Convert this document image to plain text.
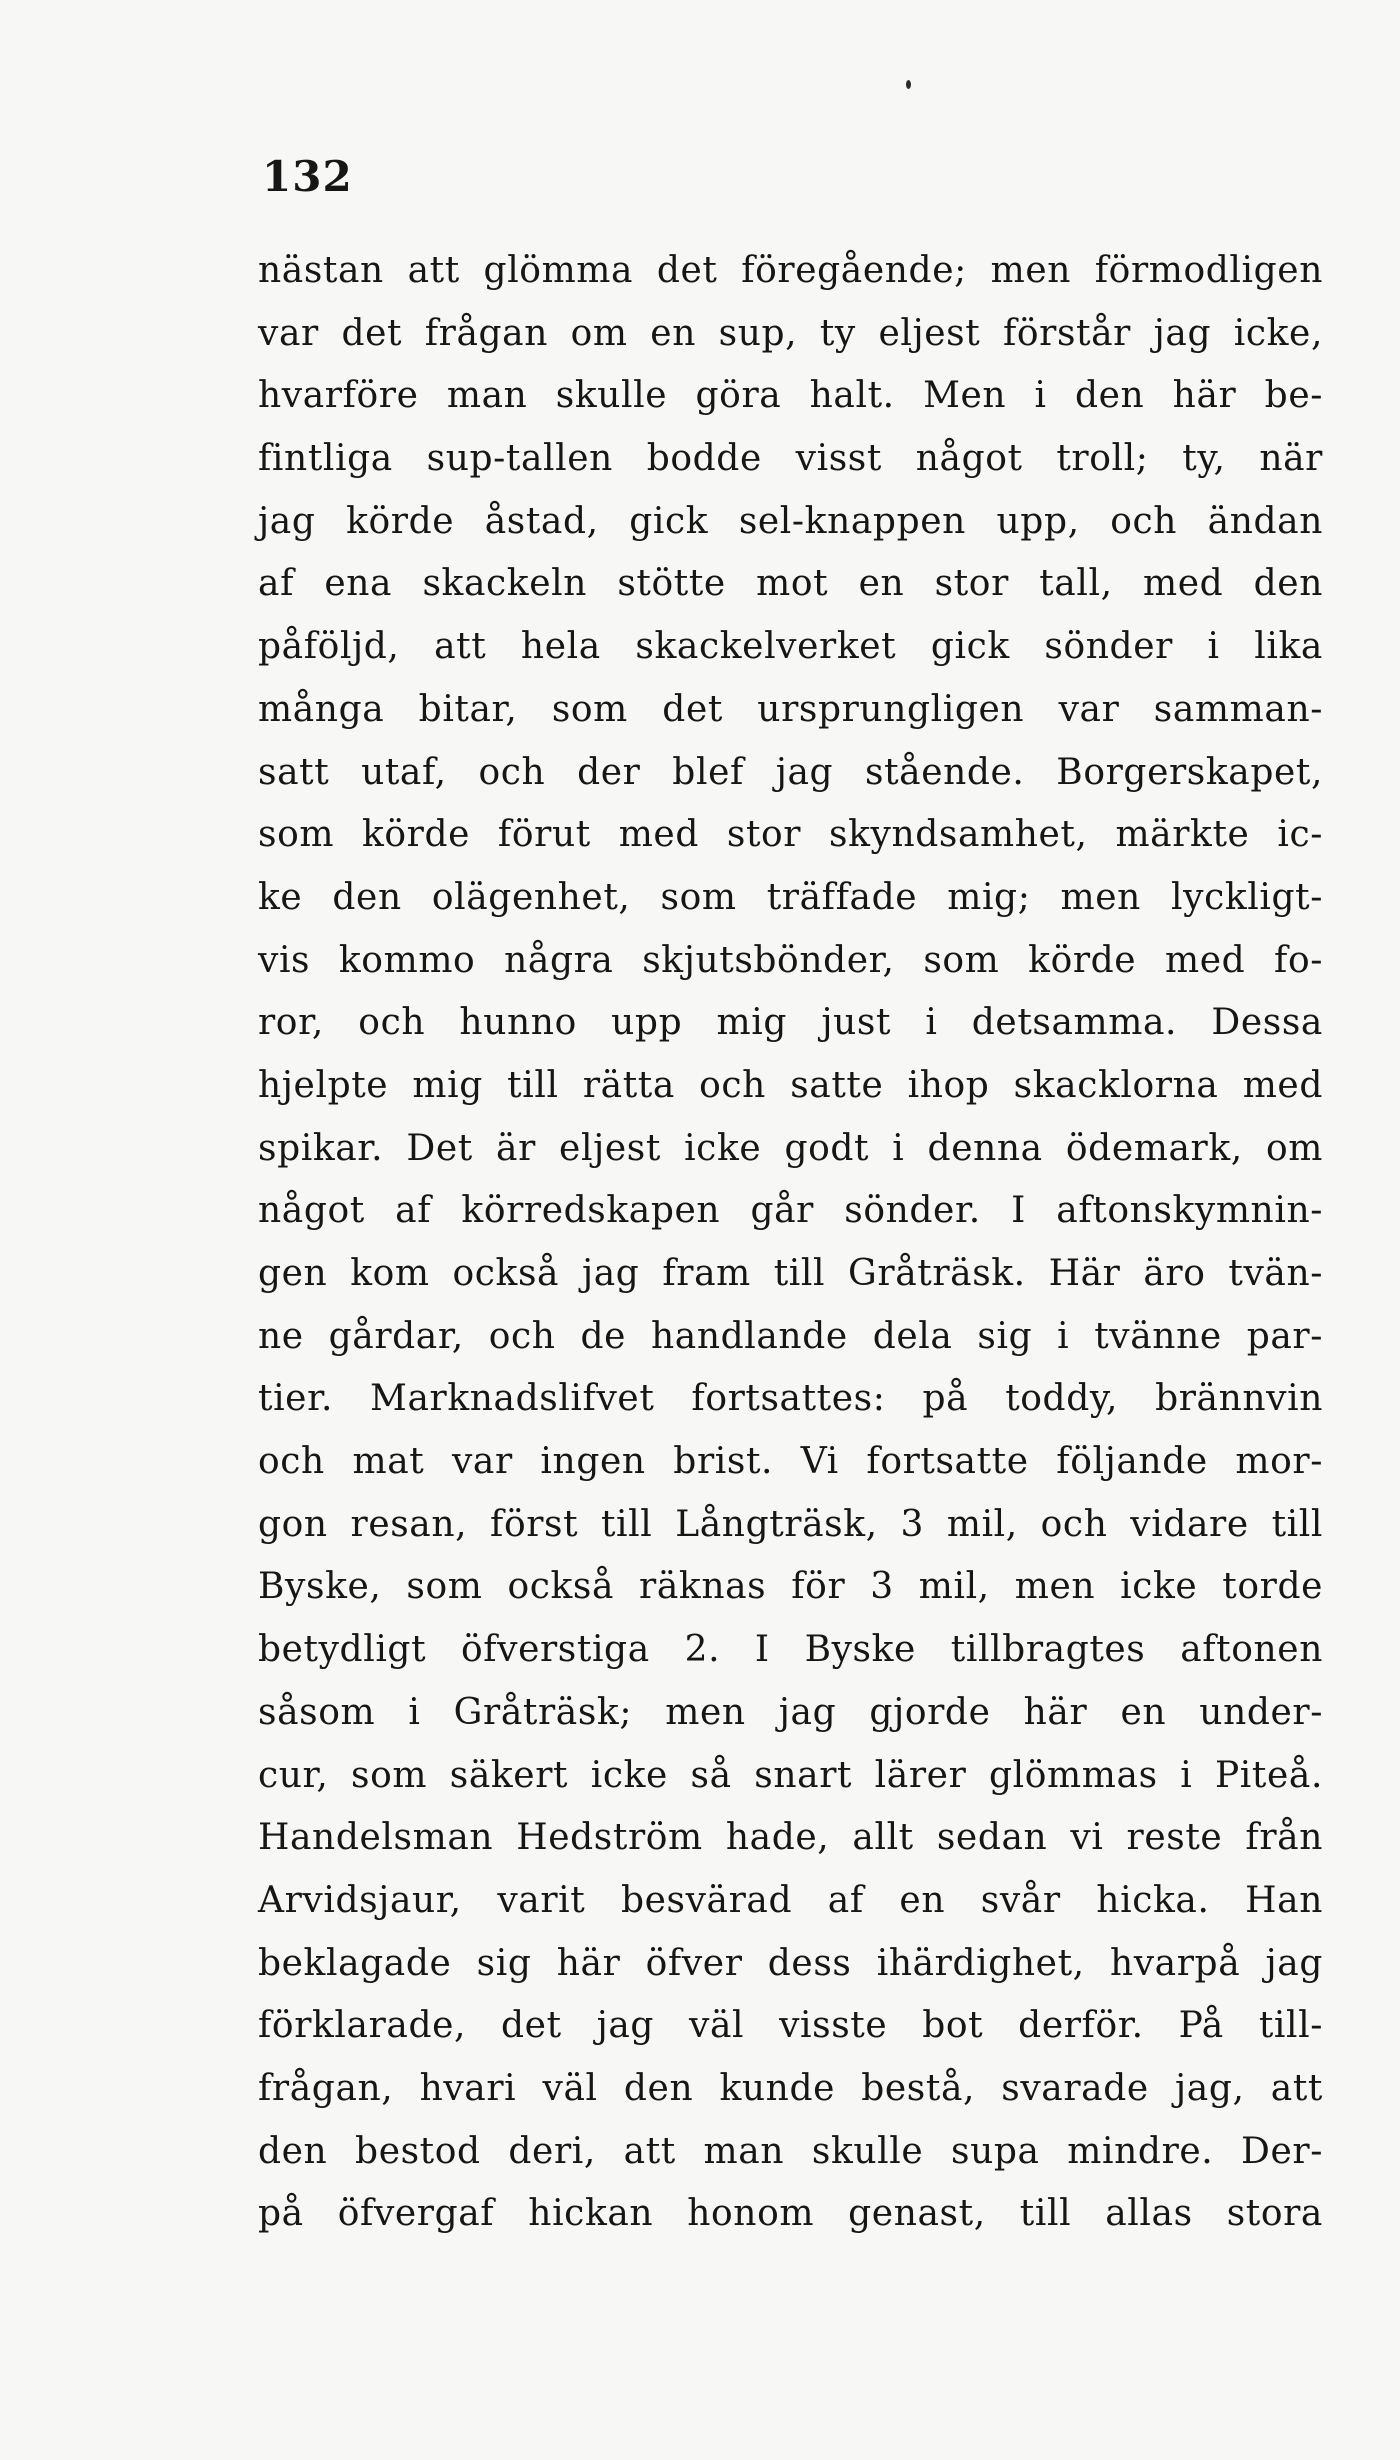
132
nästan att glömma det föregående; men förmodligen
var det frågan om en sup, ty eljest förstår jag icke,
hvarföre man skulle göra halt. Men i den här be-
fintliga sup-tallen bodde visst något troll; ty, när
jag körde åstad, gick sel-knappen upp, och ändan
af ena skackeln stötte mot en stor tall, med den
påföljd, att hela skackelverket gick sönder i lika
många bitar, som det ursprungligen var samman-
satt utaf, och der blef jag stående. Borgerskapet,
som körde förut med stor skyndsamhet, märkte ic-
ke den olägenhet, som träffade mig; men lyckligt-
vis kommo några skjutsbönder, som körde med fo-
ror, och hunno upp mig just i detsamma. Dessa
hjelpte mig till rätta och satte ihop skacklorna med
spikar. Det är eljest icke godt i denna ödemark, om
något af körredskapen går sönder. I aftonskymnin-
gen kom också jag fram till Gråträsk. Här äro tvän-
ne gårdar, och de handlande dela sig i tvänne par-
tier. Marknadslifvet fortsattes: på toddy, brännvin
och mat var ingen brist. Vi fortsatte följande mor-
gon resan, först till Långträsk, 3 mil, och vidare till
Byske, som också räknas för 3 mil, men icke torde
betydligt öfverstiga 2. I Byske tillbragtes aftonen
såsom i Gråträsk; men jag gjorde här en under-
cur, som säkert icke så snart lärer glömmas i Piteå.
Handelsman Hedström hade, allt sedan vi reste från
Arvidsjaur, varit besvärad af en svår hicka. Han
beklagade sig här öfver dess ihärdighet, hvarpå jag
förklarade, det jag väl visste bot derför. På till-
frågan, hvari väl den kunde bestå, svarade jag, att
den bestod deri, att man skulle supa mindre. Der-
på öfvergaf hickan honom genast, till allas stora
